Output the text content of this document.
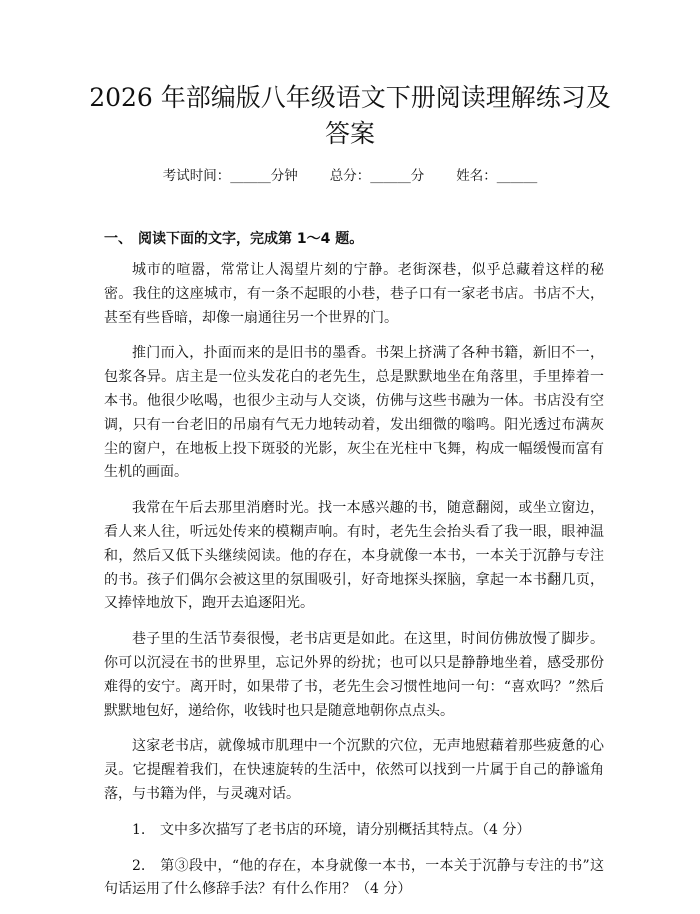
2026 年部编版八年级语文下册阅读理解练习及答案
考试时间：______分钟 总分：______分 姓名：______
一、 阅读下面的文字，完成第 1～4 题。

城市的喧嚣，常常让人渴望片刻的宁静。老街深巷，似乎总藏着这样的秘密。我住的这座城市，有一条不起眼的小巷，巷子口有一家老书店。书店不大，甚至有些昏暗，却像一扇通往另一个世界的门。

推门而入，扑面而来的是旧书的墨香。书架上挤满了各种书籍，新旧不一，包浆各异。店主是一位头发花白的老先生，总是默默地坐在角落里，手里捧着一本书。他很少吆喝，也很少主动与人交谈，仿佛与这些书融为一体。书店没有空调，只有一台老旧的吊扇有气无力地转动着，发出细微的嗡鸣。阳光透过布满灰尘的窗户，在地板上投下斑驳的光影，灰尘在光柱中飞舞，构成一幅缓慢而富有生机的画面。

我常在午后去那里消磨时光。找一本感兴趣的书，随意翻阅，或坐立窗边，看人来人往，听远处传来的模糊声响。有时，老先生会抬头看了我一眼，眼神温和，然后又低下头继续阅读。他的存在，本身就像一本书，一本关于沉静与专注的书。孩子们偶尔会被这里的氛围吸引，好奇地探头探脑，拿起一本书翻几页，又捧悻地放下，跑开去追逐阳光。

巷子里的生活节奏很慢，老书店更是如此。在这里，时间仿佛放慢了脚步。你可以沉浸在书的世界里，忘记外界的纷扰；也可以只是静静地坐着，感受那份难得的安宁。离开时，如果带了书，老先生会习惯性地问一句：“喜欢吗？”然后默默地包好，递给你，收钱时也只是随意地朝你点点头。

这家老书店，就像城市肌理中一个沉默的穴位，无声地慰藉着那些疲惫的心灵。它提醒着我们，在快速旋转的生活中，依然可以找到一片属于自己的静谧角落，与书籍为伴，与灵魂对话。

1. 文中多次描写了老书店的环境，请分别概括其特点。（4 分）

2. 第③段中，“他的存在，本身就像一本书，一本关于沉静与专注的书”这句话运用了什么修辞手法？有什么作用？（4 分）
